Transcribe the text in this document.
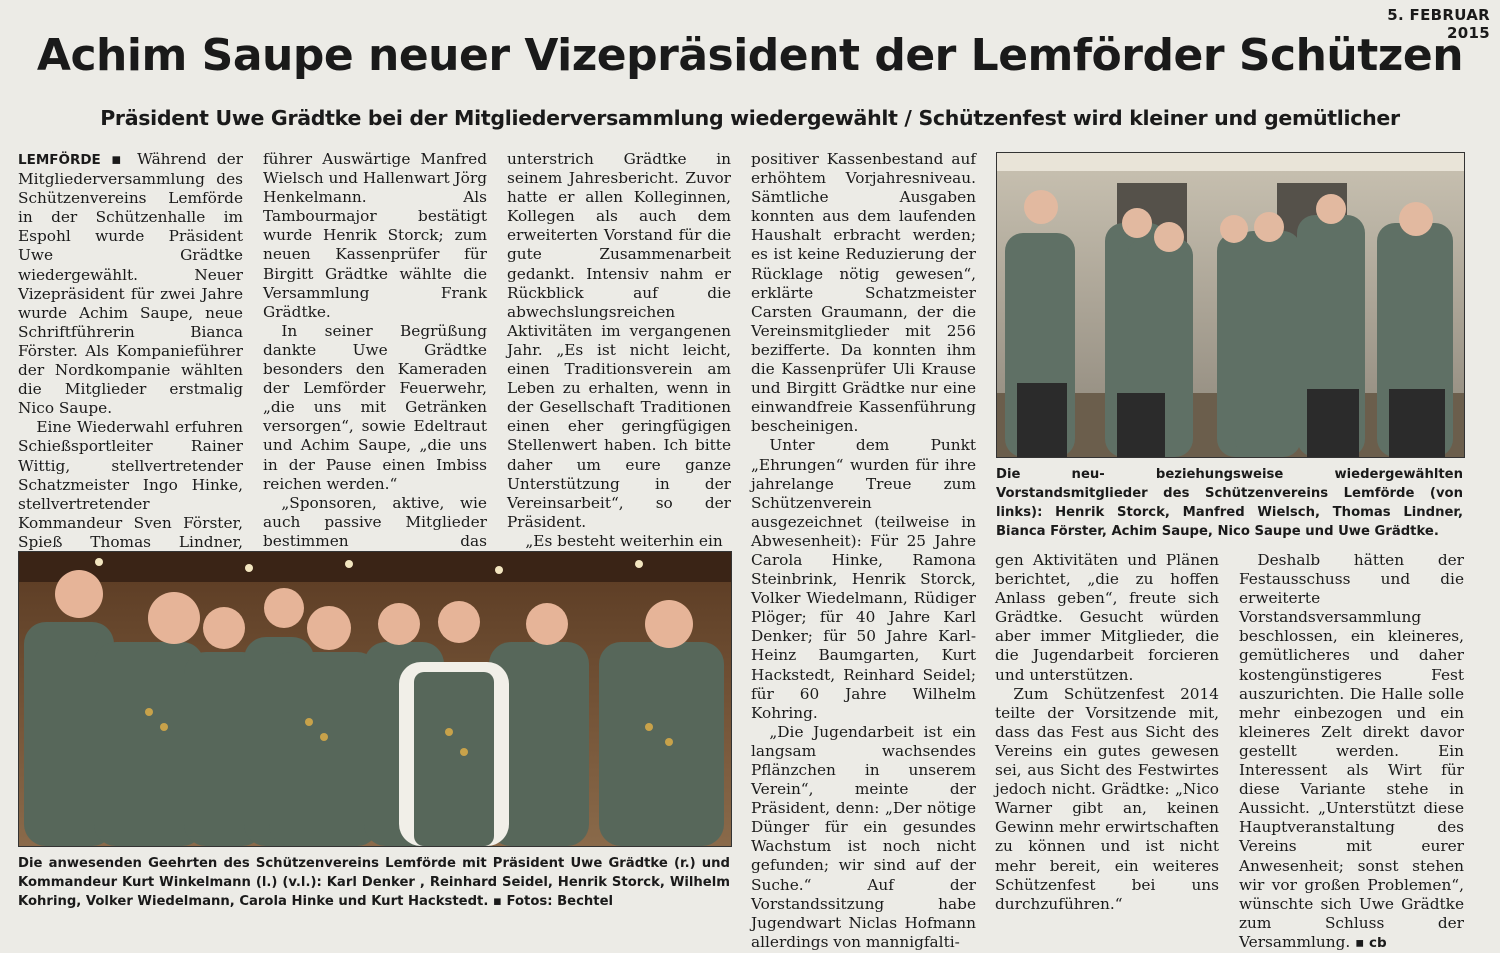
5. FEBRUAR 2015
Achim Saupe neuer Vizepräsident der Lemförder Schützen
Präsident Uwe Grädtke bei der Mitgliederversammlung wiedergewählt / Schützenfest wird kleiner und gemütlicher

LEMFÖRDE ▪ Während der Mitgliederversammlung des Schützenvereins Lemförde in der Schützenhalle im Espohl wurde Präsident Uwe Grädtke wiedergewählt. Neuer Vizepräsident für zwei Jahre wurde Achim Saupe, neue Schriftführerin Bianca Förster. Als Kompanieführer der Nordkompanie wählten die Mitglieder erstmalig Nico Saupe.

Eine Wiederwahl erfuhren Schießsportleiter Rainer Wittig, stellvertretender Schatzmeister Ingo Hinke, stellvertretender Kommandeur Sven Förster, Spieß Thomas Lindner,

führer Auswärtige Manfred Wielsch und Hallenwart Jörg Henkelmann. Als Tambourmajor bestätigt wurde Henrik Storck; zum neuen Kassenprüfer für Birgitt Grädtke wählte die Versammlung Frank Grädtke.

In seiner Begrüßung dankte Uwe Grädtke besonders den Kameraden der Lemförder Feuerwehr, „die uns mit Getränken versorgen“, sowie Edeltraut und Achim Saupe, „die uns in der Pause einen Imbiss reichen werden.“

„Sponsoren, aktive, wie auch passive Mitglieder bestimmen das

unterstrich Grädtke in seinem Jahresbericht. Zuvor hatte er allen Kolleginnen, Kollegen als auch dem erweiterten Vorstand für die gute Zusammenarbeit gedankt. Intensiv nahm er Rückblick auf die abwechslungsreichen Aktivitäten im vergangenen Jahr. „Es ist nicht leicht, einen Traditionsverein am Leben zu erhalten, wenn in der Gesellschaft Traditionen einen eher geringfügigen Stellenwert haben. Ich bitte daher um eure ganze Unterstützung in der Vereinsarbeit“, so der Präsident.

„Es besteht weiterhin ein

positiver Kassenbestand auf erhöhtem Vorjahresniveau. Sämtliche Ausgaben konnten aus dem laufenden Haushalt erbracht werden; es ist keine Reduzierung der Rücklage nötig gewesen“, erklärte Schatzmeister Carsten Graumann, der die Vereinsmitglieder mit 256 bezifferte. Da konnten ihm die Kassenprüfer Uli Krause und Birgitt Grädtke nur eine einwandfreie Kassenführung bescheinigen.

Unter dem Punkt „Ehrungen“ wurden für ihre jahrelange Treue zum Schützenverein ausgezeichnet (teilweise in Abwesenheit): Für 25 Jahre Carola Hinke, Ramona Steinbrink, Henrik Storck, Volker Wiedelmann, Rüdiger Plöger; für 40 Jahre Karl Denker; für 50 Jahre Karl-Heinz Baumgarten, Kurt Hackstedt, Reinhard Seidel; für 60 Jahre Wilhelm Kohring.

„Die Jugendarbeit ist ein langsam wachsendes Pflänzchen in unserem Verein“, meinte der Präsident, denn: „Der nötige Dünger für ein gesundes Wachstum ist noch nicht gefunden; wir sind auf der Suche.“ Auf der Vorstandssitzung habe Jugendwart Niclas Hofmann allerdings von mannigfalti-

gen Aktivitäten und Plänen berichtet, „die zu hoffen Anlass geben“, freute sich Grädtke. Gesucht würden aber immer Mitglieder, die die Jugendarbeit forcieren und unterstützen.

Zum Schützenfest 2014 teilte der Vorsitzende mit, dass das Fest aus Sicht des Vereins ein gutes gewesen sei, aus Sicht des Festwirtes jedoch nicht. Grädtke: „Nico Warner gibt an, keinen Gewinn mehr erwirtschaften zu können und ist nicht mehr bereit, ein weiteres Schützenfest bei uns durchzuführen.“

Deshalb hätten der Festausschuss und die erweiterte Vorstandsversammlung beschlossen, ein kleineres, gemütlicheres und daher kostengünstigeres Fest auszurichten. Die Halle solle mehr einbezogen und ein kleineres Zelt direkt davor gestellt werden. Ein Interessent als Wirt für diese Variante stehe in Aussicht. „Unterstützt diese Hauptveranstaltung des Vereins mit eurer Anwesenheit; sonst stehen wir vor großen Problemen“, wünschte sich Uwe Grädtke zum Schluss der Versammlung. ▪ cb

Die neu- beziehungsweise wiedergewählten Vorstandsmitglieder des Schützenvereins Lemförde (von links): Henrik Storck, Manfred Wielsch, Thomas Lindner, Bianca Förster, Achim Saupe, Nico Saupe und Uwe Grädtke.
Die anwesenden Geehrten des Schützenvereins Lemförde mit Präsident Uwe Grädtke (r.) und Kommandeur Kurt Winkelmann (l.) (v.l.): Karl Denker , Reinhard Seidel, Henrik Storck, Wilhelm Kohring, Volker Wiedelmann, Carola Hinke und Kurt Hackstedt. ▪ Fotos: Bechtel
